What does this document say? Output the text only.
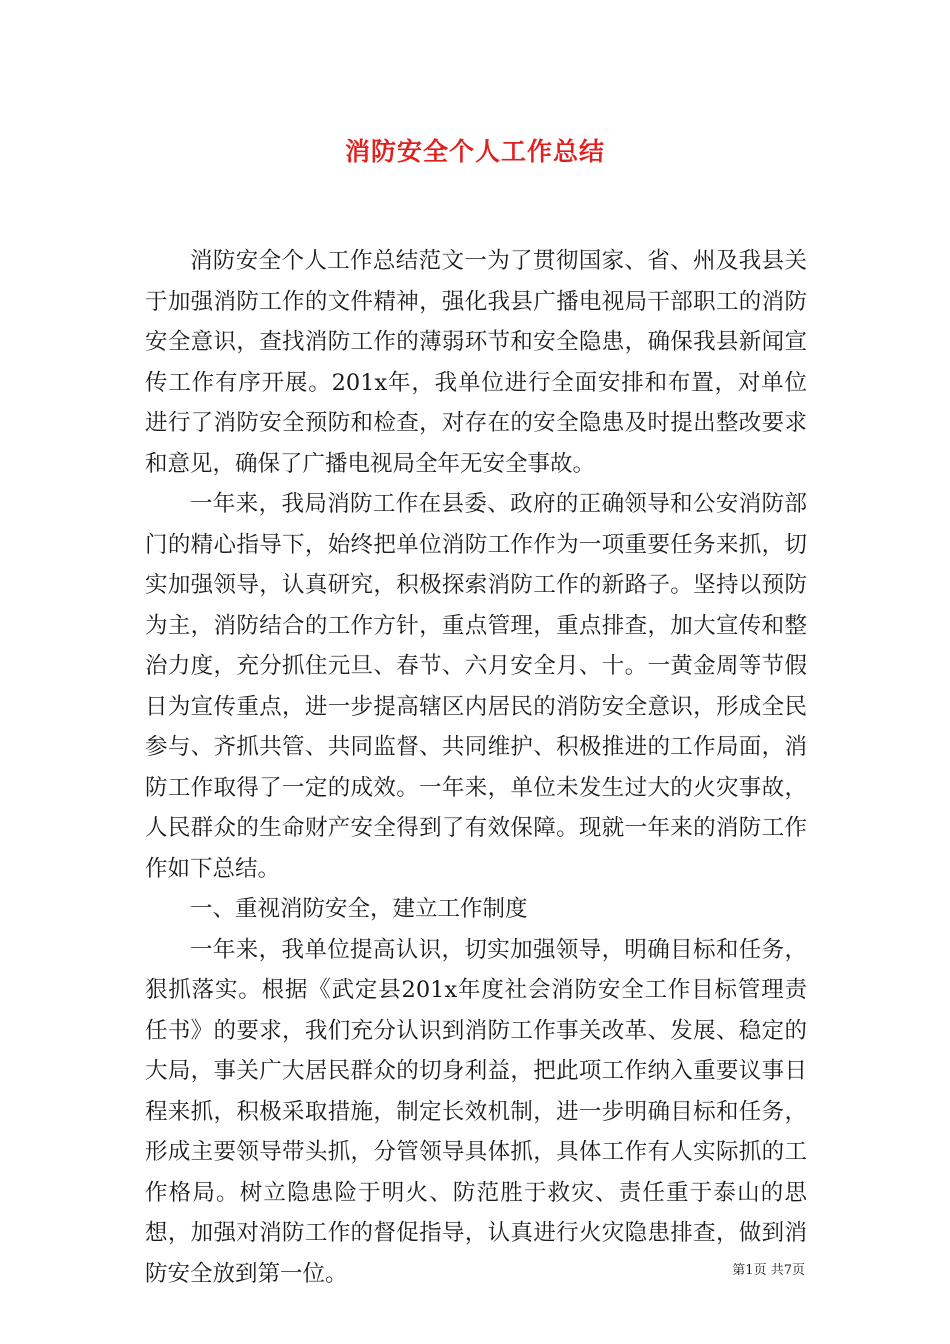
消防安全个人工作总结

消防安全个人工作总结范文一为了贯彻国家、省、州及我县关于加强消防工作的文件精神，强化我县广播电视局干部职工的消防安全意识，查找消防工作的薄弱环节和安全隐患，确保我县新闻宣传工作有序开展。201x年，我单位进行全面安排和布置，对单位进行了消防安全预防和检查，对存在的安全隐患及时提出整改要求和意见，确保了广播电视局全年无安全事故。

一年来，我局消防工作在县委、政府的正确领导和公安消防部门的精心指导下，始终把单位消防工作作为一项重要任务来抓，切实加强领导，认真研究，积极探索消防工作的新路子。坚持以预防为主，消防结合的工作方针，重点管理，重点排查，加大宣传和整治力度，充分抓住元旦、春节、六月安全月、十。一黄金周等节假日为宣传重点，进一步提高辖区内居民的消防安全意识，形成全民参与、齐抓共管、共同监督、共同维护、积极推进的工作局面，消防工作取得了一定的成效。一年来，单位未发生过大的火灾事故，人民群众的生命财产安全得到了有效保障。现就一年来的消防工作作如下总结。

一、重视消防安全，建立工作制度

一年来，我单位提高认识，切实加强领导，明确目标和任务，狠抓落实。根据《武定县201x年度社会消防安全工作目标管理责任书》的要求，我们充分认识到消防工作事关改革、发展、稳定的大局，事关广大居民群众的切身利益，把此项工作纳入重要议事日程来抓，积极采取措施，制定长效机制，进一步明确目标和任务，形成主要领导带头抓，分管领导具体抓，具体工作有人实际抓的工作格局。树立隐患险于明火、防范胜于救灾、责任重于泰山的思想，加强对消防工作的督促指导，认真进行火灾隐患排查，做到消防安全放到第一位。	第1页 共7页
